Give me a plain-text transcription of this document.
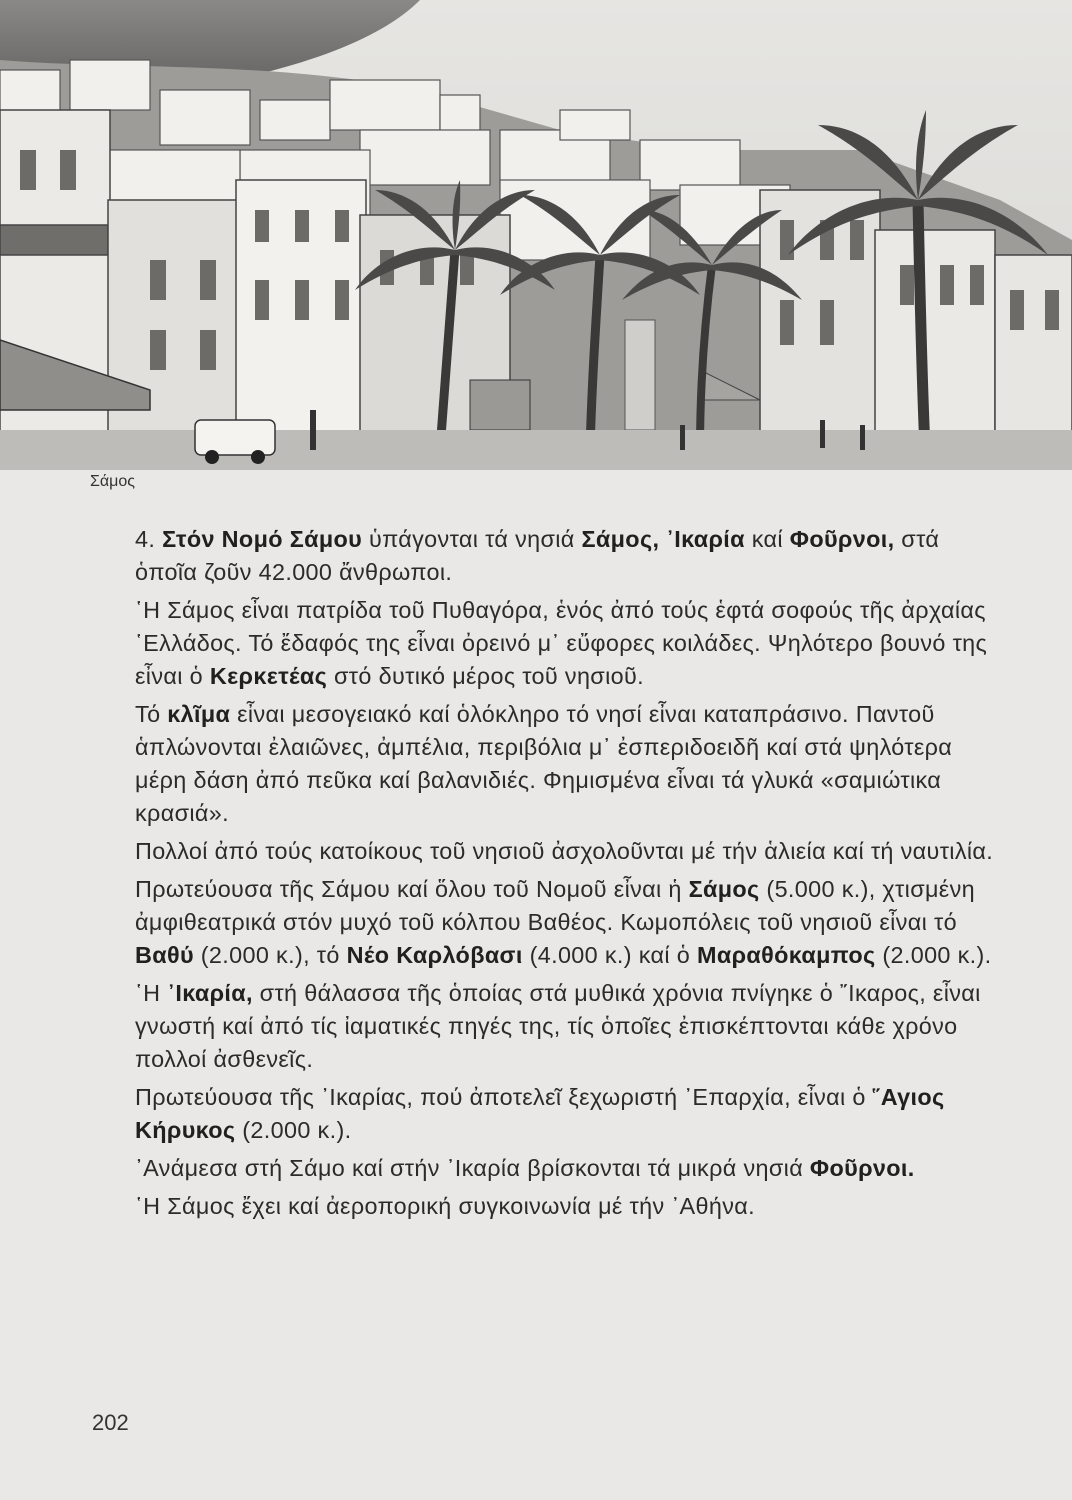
Σάμος

4. Στόν Νομό Σάμου ὑπάγονται τά νησιά Σάμος, ᾿Ικαρία καί Φοῦρνοι, στά ὁποῖα ζοῦν 42.000 ἄνθρωποι.

῾Η Σάμος εἶναι πατρίδα τοῦ Πυθαγόρα, ἑνός ἀπό τούς ἑφτά σοφούς τῆς ἀρχαίας ῾Ελλάδος. Τό ἔδαφός της εἶναι ὀρεινό μ᾿ εὔφορες κοιλάδες. Ψηλότερο βουνό της εἶναι ὁ Κερκετέας στό δυτικό μέρος τοῦ νησιοῦ.

Τό κλῖμα εἶναι μεσογειακό καί ὁλόκληρο τό νησί εἶναι καταπράσινο. Παντοῦ ἁπλώνονται ἐλαιῶνες, ἀμπέλια, περιβόλια μ᾿ ἐσπεριδοειδῆ καί στά ψηλότερα μέρη δάση ἀπό πεῦκα καί βαλανιδιές. Φημισμένα εἶναι τά γλυκά «σαμιώτικα κρασιά».

Πολλοί ἀπό τούς κατοίκους τοῦ νησιοῦ ἀσχολοῦνται μέ τήν ἁλιεία καί τή ναυτιλία.

Πρωτεύουσα τῆς Σάμου καί ὅλου τοῦ Νομοῦ εἶναι ἡ Σάμος (5.000 κ.), χτισμένη ἀμφιθεατρικά στόν μυχό τοῦ κόλπου Βαθέος. Κωμοπόλεις τοῦ νησιοῦ εἶναι τό Βαθύ (2.000 κ.), τό Νέο Καρλόβασι (4.000 κ.) καί ὁ Μαραθόκαμπος (2.000 κ.).

῾Η ᾿Ικαρία, στή θάλασσα τῆς ὁποίας στά μυθικά χρόνια πνίγηκε ὁ ῎Ικαρος, εἶναι γνωστή καί ἀπό τίς ἰαματικές πηγές της, τίς ὁποῖες ἐπισκέπτονται κάθε χρόνο πολλοί ἀσθενεῖς.

Πρωτεύουσα τῆς ᾿Ικαρίας, πού ἀποτελεῖ ξεχωριστή ᾿Επαρχία, εἶναι ὁ ῞Αγιος Κήρυκος (2.000 κ.).

᾿Ανάμεσα στή Σάμο καί στήν ᾿Ικαρία βρίσκονται τά μικρά νησιά Φοῦρνοι.

῾Η Σάμος ἔχει καί ἀεροπορική συγκοινωνία μέ τήν ᾿Αθήνα.

202
